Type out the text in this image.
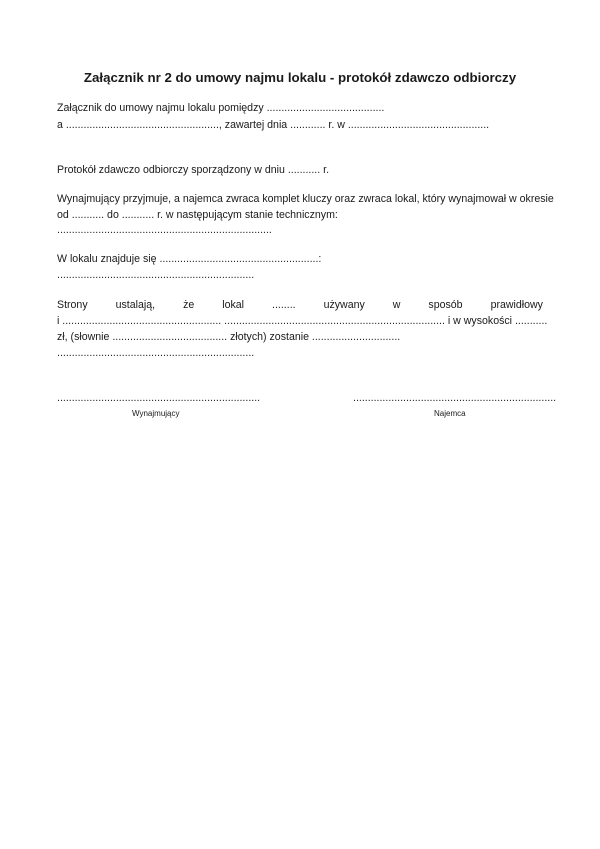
Załącznik nr 2 do umowy najmu lokalu - protokół zdawczo odbiorczy
Załącznik do umowy najmu lokalu pomiędzy ........................................
a ...................................................., zawartej dnia ............ r. w ................................................
Protokół zdawczo odbiorczy sporządzony w dniu ........... r.
Wynajmujący przyjmuje, a najemca zwraca komplet kluczy oraz zwraca lokal, który wynajmował w okresie
od ........... do ........... r. w następującym stanie technicznym:
.........................................................................
W lokalu znajduje się ......................................................:
...................................................................
Strony	ustalają,	że	lokal	........	używany	w	sposób	prawidłowy
i ...................................................... ........................................................................... i w wysokości ...........
zł, (słownie ....................................... złotych) zostanie ..............................
...................................................................
.....................................................................
Wynajmujący
.....................................................................
Najemca
